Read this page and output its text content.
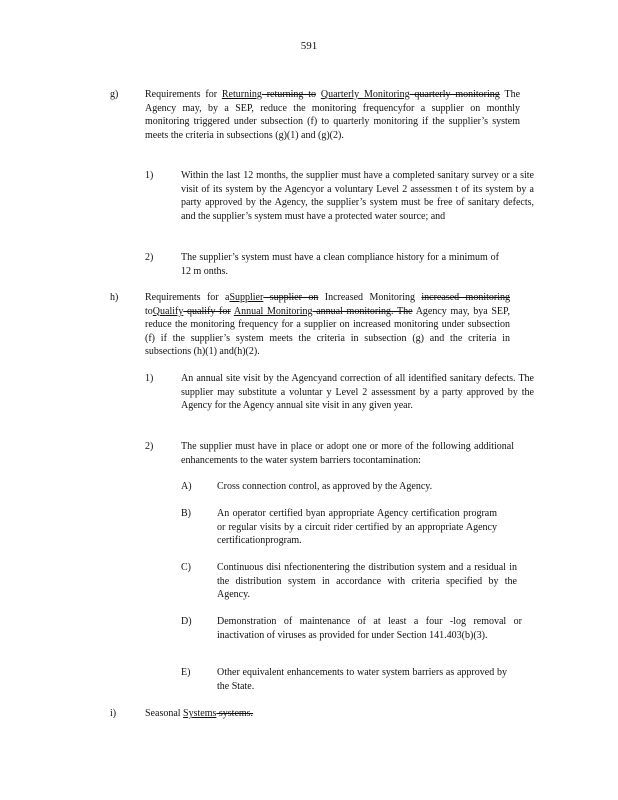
591
g)	Requirements for Returning returning to Quarterly Monitoring quarterly monitoring The Agency may, by a SEP, reduce the monitoring frequencyfor a supplier on monthly monitoring triggered under subsection (f) to quarterly monitoring if the supplier’s system meets the criteria in subsections (g)(1) and (g)(2).
1)	Within the last 12 months, the supplier must have a completed sanitary survey or a site visit of its system by the Agencyor a voluntary Level 2 assessmen t of its system by a party approved by the Agency, the supplier’s system must be free of sanitary defects, and the supplier’s system must have a protected water source; and
2)	The supplier’s system must have a clean compliance history for a minimum of 12 m onths.
h)	Requirements for aSupplier supplier on Increased Monitoring increased monitoring toQualify qualify for Annual Monitoring annual monitoring. The Agency may, bya SEP, reduce the monitoring frequency for a supplier on increased monitoring under subsection (f) if the supplier’s system meets the criteria in subsection (g) and the criteria in subsections (h)(1) and(h)(2).
1)	An annual site visit by the Agencyand correction of all identified sanitary defects. The supplier may substitute a voluntar y Level 2 assessment by a party approved by the Agency for the Agency annual site visit in any given year.
2)	The supplier must have in place or adopt one or more of the following additional enhancements to the water system barriers tocontamination:
A)	Cross connection control, as approved by the Agency.
B)	An operator certified byan appropriate Agency certification program or regular visits by a circuit rider certified by an appropriate Agency certificationprogram.
C)	Continuous disi nfectionentering the distribution system and a residual in the distribution system in accordance with criteria specified by the Agency.
D)	Demonstration of maintenance of at least a four -log removal or inactivation of viruses as provided for under Section 141.403(b)(3).
E)	Other equivalent enhancements to water system barriers as approved by the State.
i)	Seasonal Systems systems.
